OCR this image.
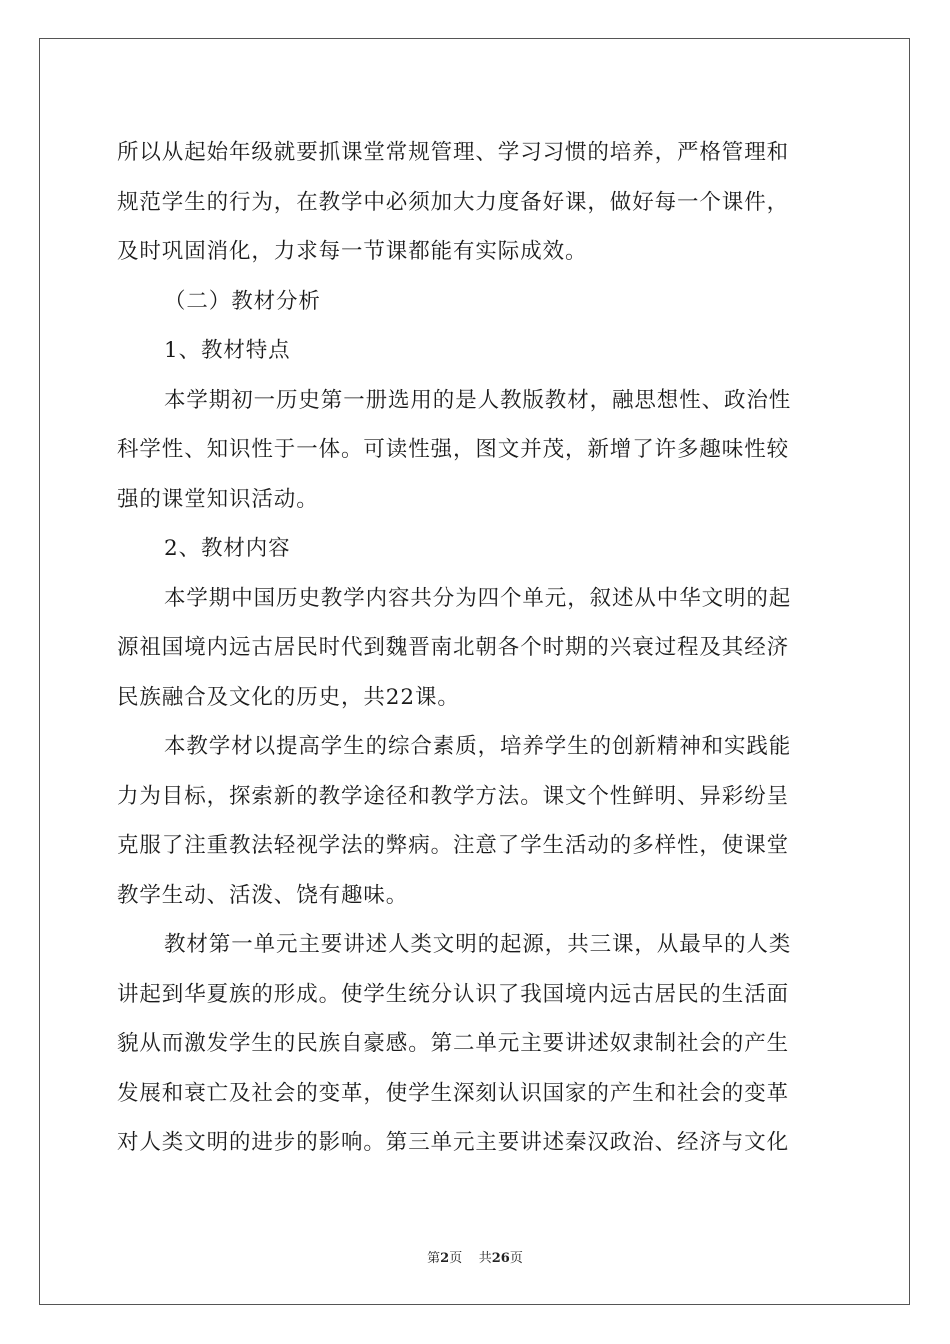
所以从起始年级就要抓课堂常规管理、学习习惯的培养，严格管理和
规范学生的行为，在教学中必须加大力度备好课，做好每一个课件，
及时巩固消化，力求每一节课都能有实际成效。
（二）教材分析
1、教材特点
本学期初一历史第一册选用的是人教版教材，融思想性、政治性
科学性、知识性于一体。可读性强，图文并茂，新增了许多趣味性较
强的课堂知识活动。
2、教材内容
本学期中国历史教学内容共分为四个单元，叙述从中华文明的起
源祖国境内远古居民时代到魏晋南北朝各个时期的兴衰过程及其经济
民族融合及文化的历史，共22课。
本教学材以提高学生的综合素质，培养学生的创新精神和实践能
力为目标，探索新的教学途径和教学方法。课文个性鲜明、异彩纷呈
克服了注重教法轻视学法的弊病。注意了学生活动的多样性，使课堂
教学生动、活泼、饶有趣味。
教材第一单元主要讲述人类文明的起源，共三课，从最早的人类
讲起到华夏族的形成。使学生统分认识了我国境内远古居民的生活面
貌从而激发学生的民族自豪感。第二单元主要讲述奴隶制社会的产生
发展和衰亡及社会的变革，使学生深刻认识国家的产生和社会的变革
对人类文明的进步的影响。第三单元主要讲述秦汉政治、经济与文化
第2页 共26页
